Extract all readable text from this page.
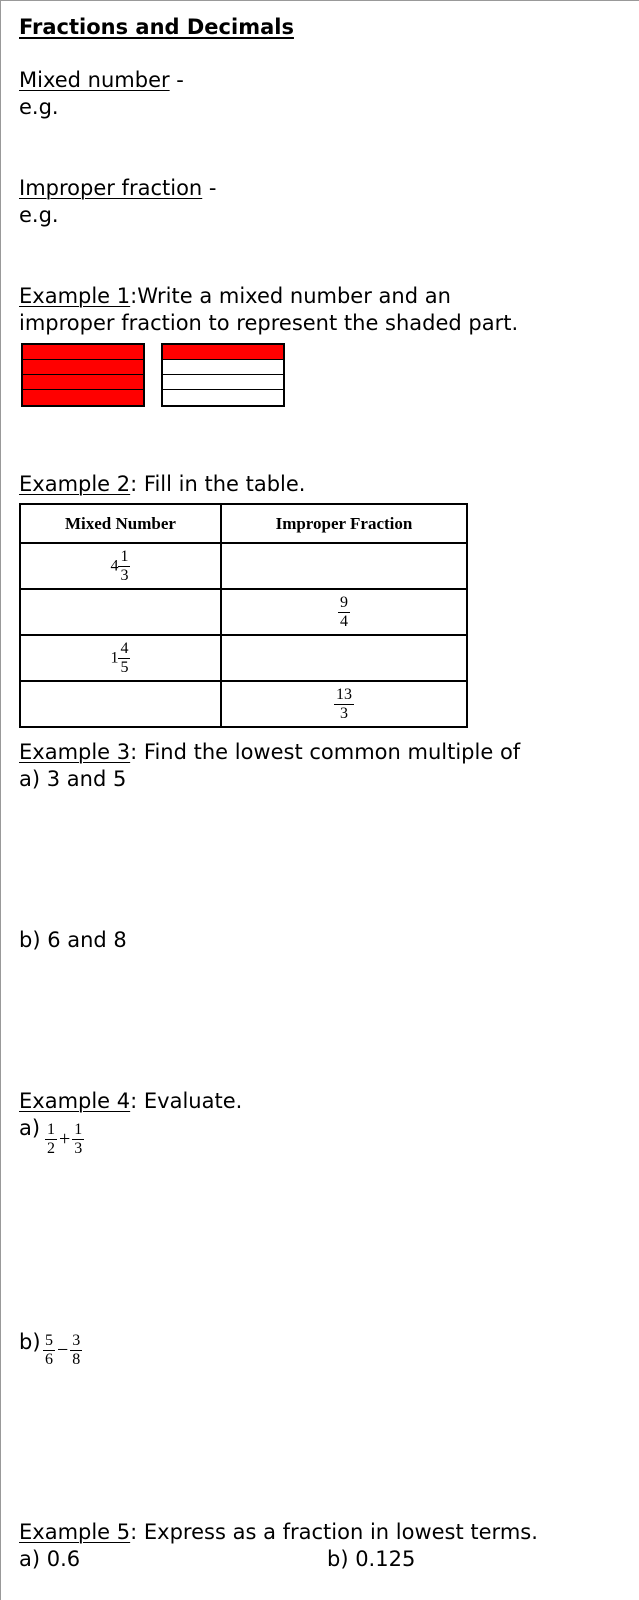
Fractions and Decimals
Mixed number -
e.g.
Improper fraction -
e.g.
Example 1:Write a mixed number and an
improper fraction to represent the shaded part.
Example 2: Fill in the table.
Mixed Number	Improper Fraction
$4 \frac{1}{3}$

	$\frac{9}{4}$

$1 \frac{4}{5}$

	$\frac{13}{3}$
Example 3: Find the lowest common multiple of
a) 3 and 5
b) 6 and 8
Example 4: Evaluate.
$a) \frac{1}{2} + \frac{1}{3}$
$b) \frac{5}{6} - \frac{3}{8}$
Example 5: Express as a fraction in lowest terms.
a) 0.6	b) 0.125
